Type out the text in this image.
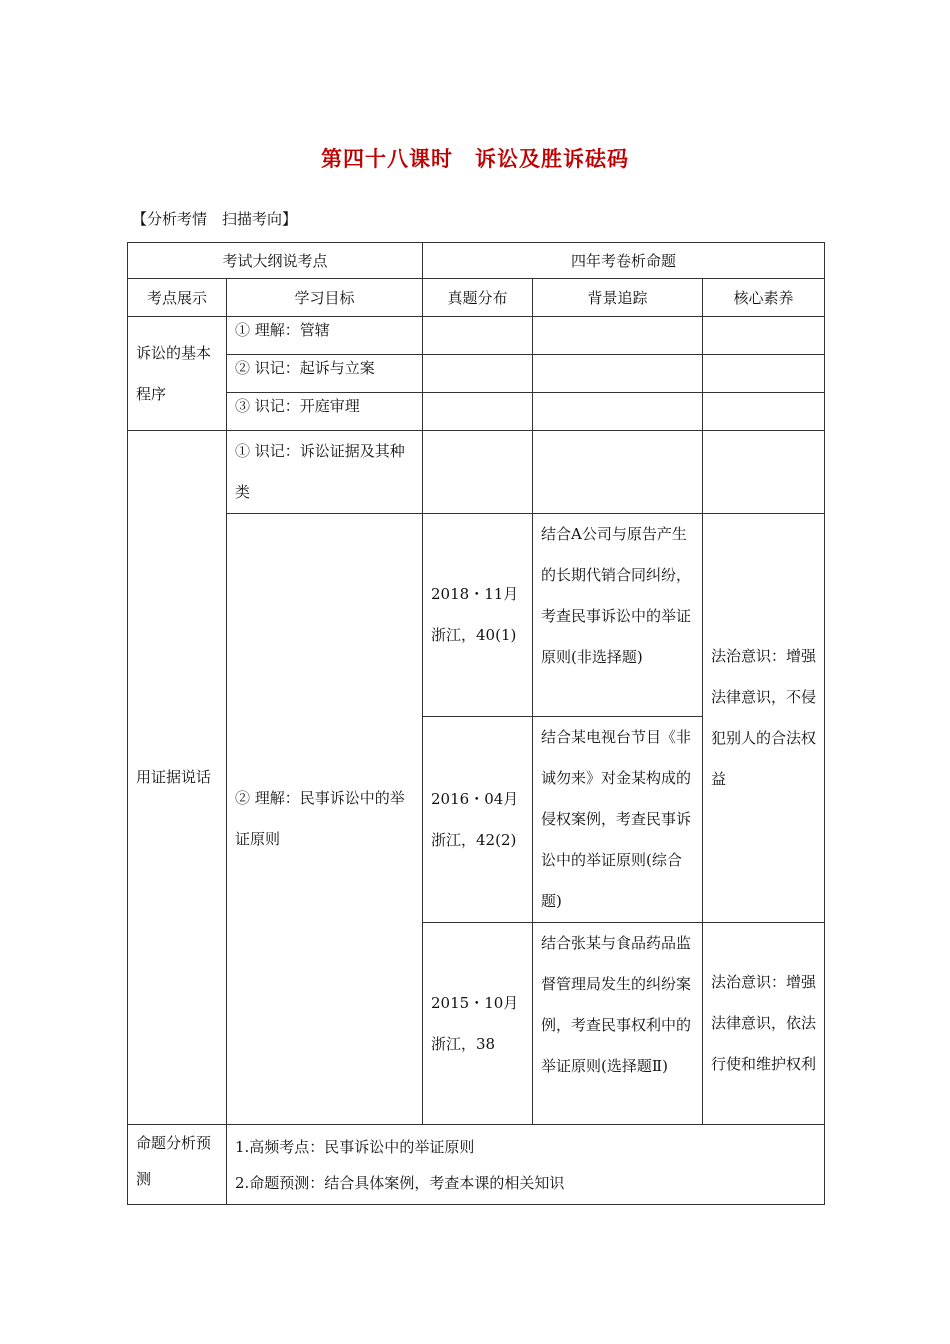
第四十八课时　诉讼及胜诉砝码
【分析考情　扫描考向】
考试大纲说考点		四年考卷析命题		
考点展示	学习目标	真题分布	背景追踪	核心素养
诉讼的基本程序	① 理解：管辖			
	② 识记：起诉与立案			
	③ 识记：开庭审理			
用证据说话	① 识记：诉讼证据及其种类			
	② 理解：民事诉讼中的举证原则	2018・11月浙江，40(1)	结合A公司与原告产生的长期代销合同纠纷，考查民事诉讼中的举证原则(非选择题)	法治意识：增强法律意识，不侵犯别人的合法权益
		2016・04月浙江，42(2)	结合某电视台节目《非诚勿来》对金某构成的侵权案例，考查民事诉讼中的举证原则(综合题)	
		2015・10月浙江，38	结合张某与食品药品监督管理局发生的纠纷案例，考查民事权利中的举证原则(选择题Ⅱ)	法治意识：增强法律意识，依法行使和维护权利
命题分析预测	1.高频考点：民事诉讼中的举证原则
2.命题预测：结合具体案例，考查本课的相关知识			
